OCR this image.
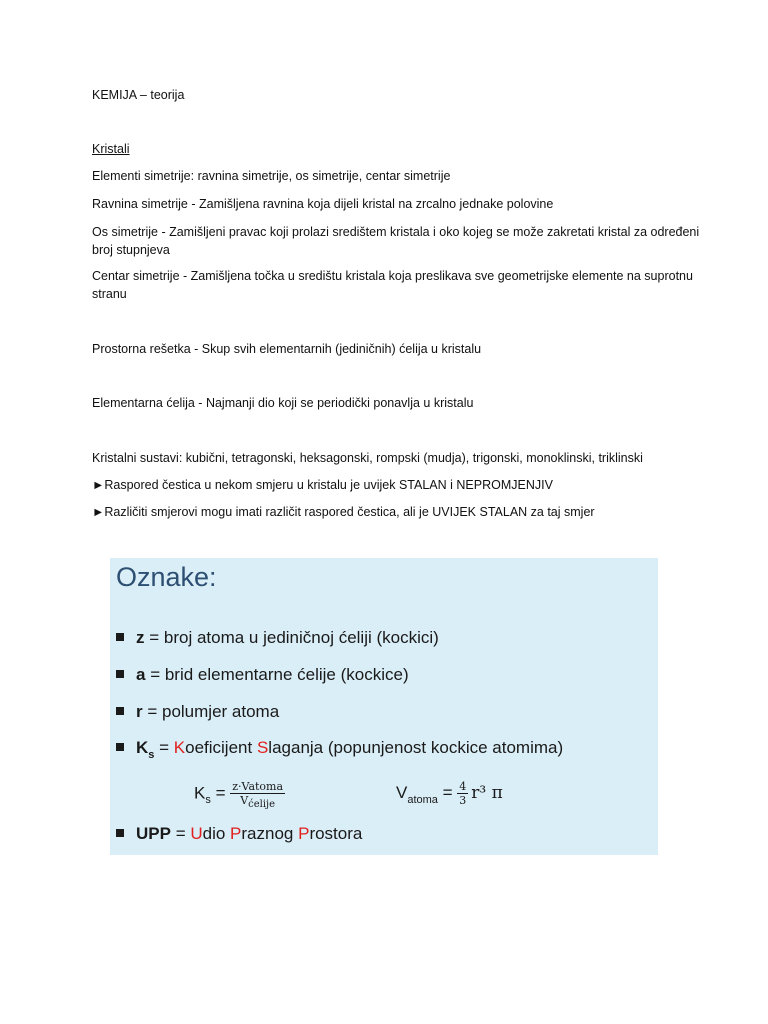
KEMIJA – teorija
Kristali
Elementi simetrije: ravnina simetrije, os simetrije, centar simetrije
Ravnina simetrije - Zamišljena ravnina koja dijeli kristal na zrcalno jednake polovine
Os simetrije - Zamišljeni pravac koji prolazi središtem kristala i oko kojeg se može zakretati kristal za određeni broj stupnjeva
Centar simetrije - Zamišljena točka u središtu kristala koja preslikava sve geometrijske elemente na suprotnu stranu
Prostorna rešetka - Skup svih elementarnih (jediničnih) ćelija u kristalu
Elementarna ćelija - Najmanji dio koji se periodički ponavlja u kristalu
Kristalni sustavi: kubični, tetragonski, heksagonski, rompski (mudja), trigonski, monoklinski, triklinski
►Raspored čestica u nekom smjeru u kristalu je uvijek STALAN i NEPROMJENJIV
►Različiti smjerovi mogu imati različit raspored čestica, ali je UVIJEK STALAN za taj smjer
Oznake:
z = broj atoma u jediničnoj ćeliji (kockici)
a = brid elementarne ćelije (kockice)
r = polumjer atoma
$K_s$ = Koeficijent Slaganja (popunjenost kockice atomima)
$K_s = \frac{\text{z·Vatoma}}{\text{Vćelije}}$	$V_{atoma} = \frac{4}{3} r^3$ π
UPP = Udio Praznog Prostora
